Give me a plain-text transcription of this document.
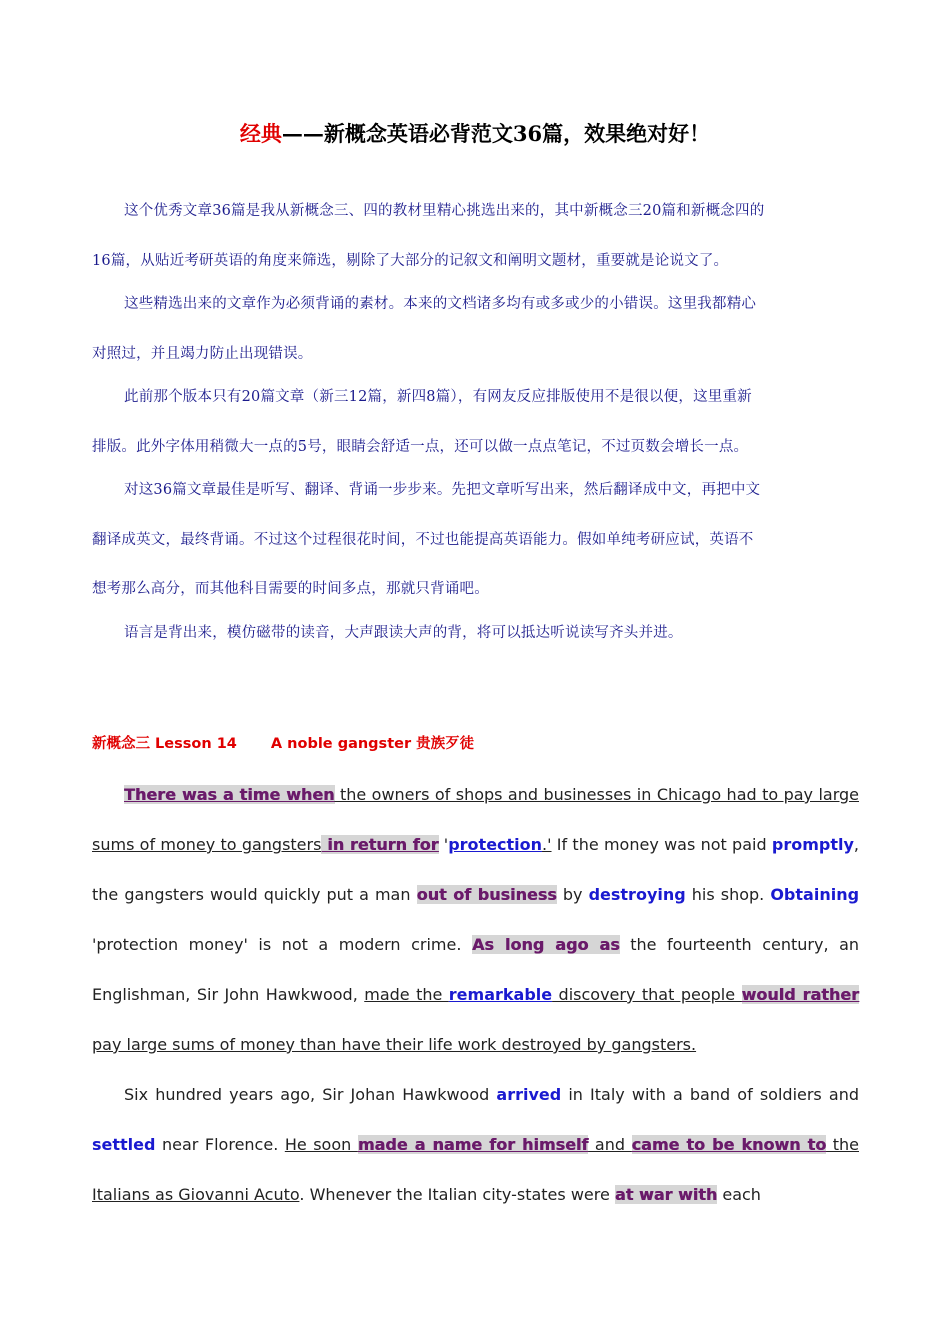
经典——新概念英语必背范文36篇，效果绝对好！

这个优秀文章36篇是我从新概念三、四的教材里精心挑选出来的，其中新概念三20篇和新概念四的

16篇，从贴近考研英语的角度来筛选，剔除了大部分的记叙文和阐明文题材，重要就是论说文了。

这些精选出来的文章作为必须背诵的素材。本来的文档诸多均有或多或少的小错误。这里我都精心

对照过，并且竭力防止出现错误。

此前那个版本只有20篇文章（新三12篇，新四8篇），有网友反应排版使用不是很以便，这里重新

排版。此外字体用稍微大一点的5号，眼睛会舒适一点，还可以做一点点笔记，不过页数会增长一点。

对这36篇文章最佳是听写、翻译、背诵一步步来。先把文章听写出来，然后翻译成中文，再把中文

翻译成英文，最终背诵。不过这个过程很花时间，不过也能提高英语能力。假如单纯考研应试，英语不

想考那么高分，而其他科目需要的时间多点，那就只背诵吧。

语言是背出来，模仿磁带的读音，大声跟读大声的背，将可以抵达听说读写齐头并进。

新概念三 Lesson 14 A noble gangster 贵族歹徒

There was a time when the owners of shops and businesses in Chicago had to pay large sums of money to gangsters in return for 'protection.' If the money was not paid promptly, the gangsters would quickly put a man out of business by destroying his shop. Obtaining 'protection money' is not a modern crime. As long ago as the fourteenth century, an Englishman, Sir John Hawkwood, made the remarkable discovery that people would rather pay large sums of money than have their life work destroyed by gangsters.

Six hundred years ago, Sir Johan Hawkwood arrived in Italy with a band of soldiers and settled near Florence. He soon made a name for himself and came to be known to the Italians as Giovanni Acuto. Whenever the Italian city-states were at war with each
